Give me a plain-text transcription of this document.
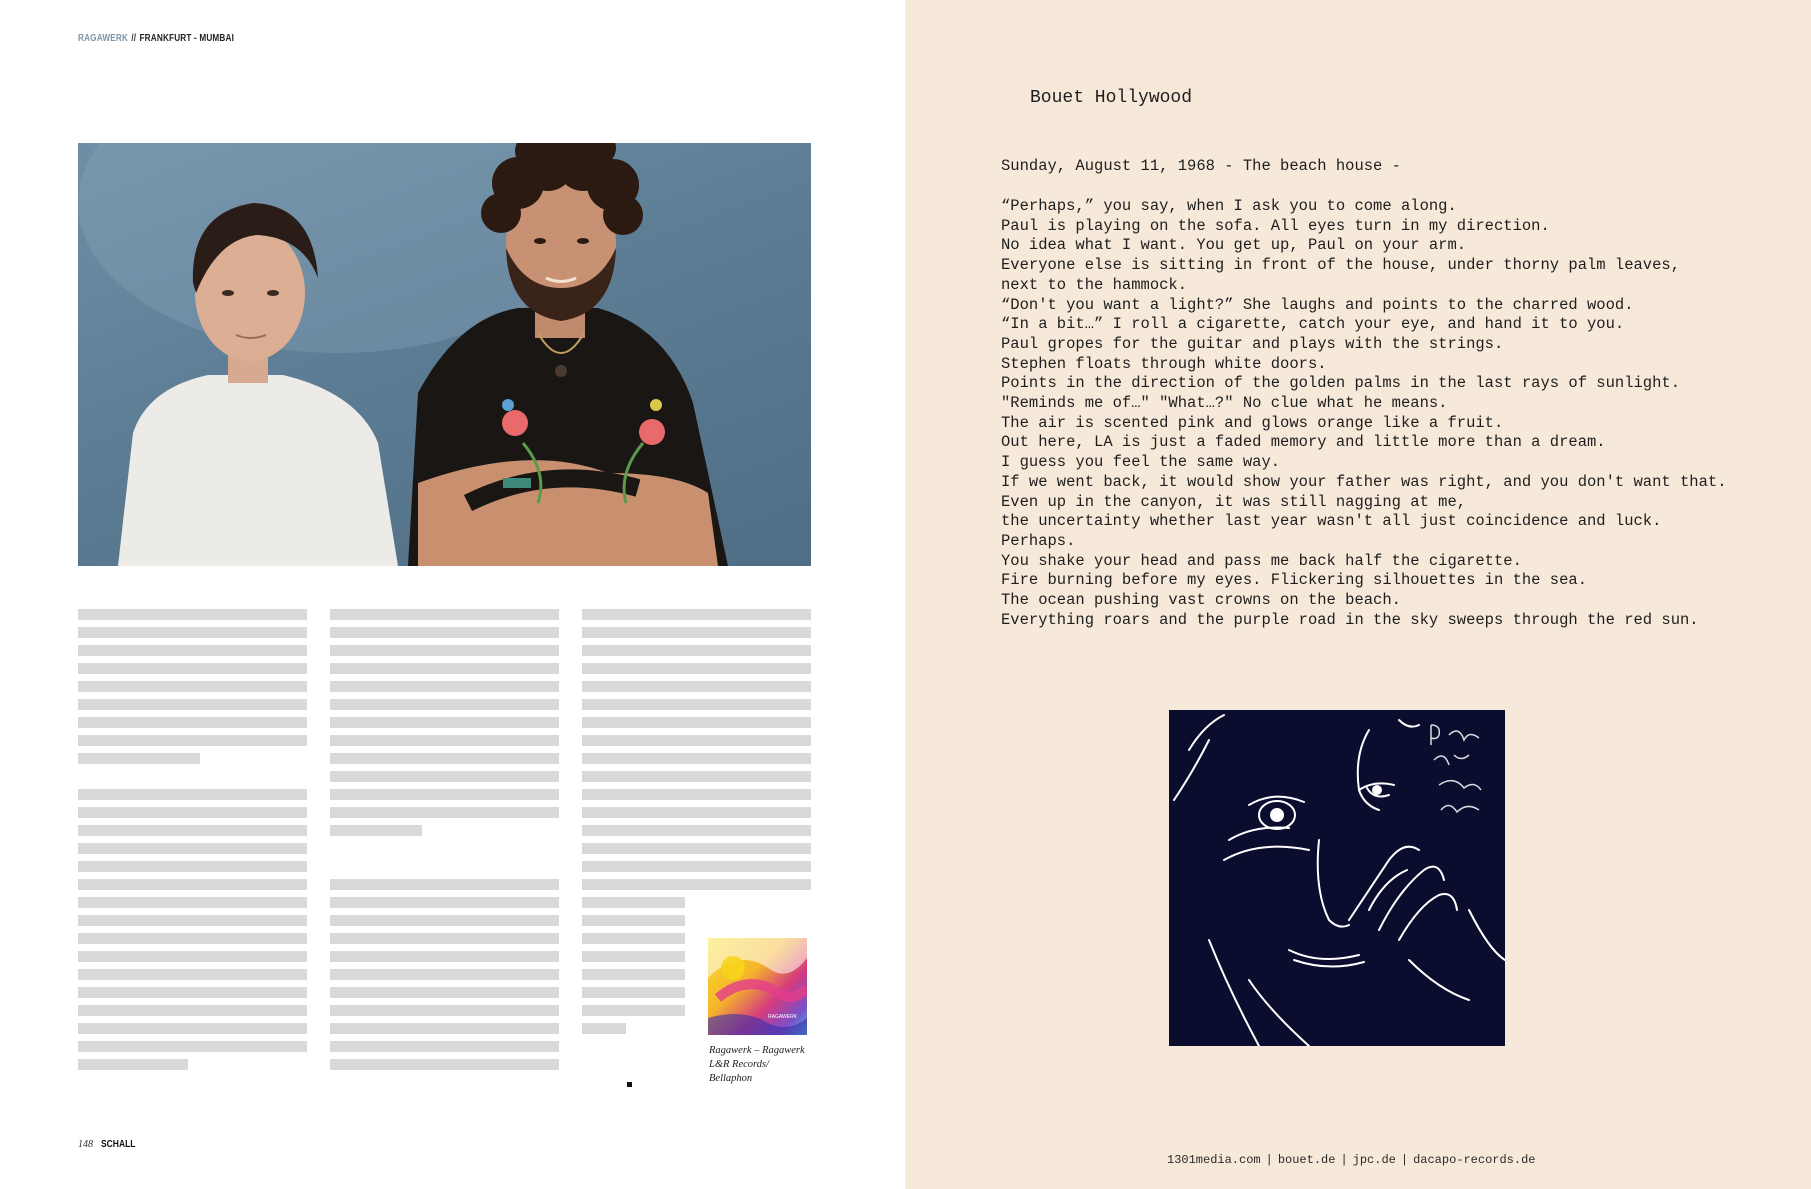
RAGAWERK // FRANKFURT - MUMBAI
RAGAWERK
Ragawerk – Ragawerk
L&R Records/
Bellaphon
148 SCHALL
Bouet Hollywood
Sunday, August 11, 1968 - The beach house -
“Perhaps,” you say, when I ask you to come along.
Paul is playing on the sofa. All eyes turn in my direction.
No idea what I want. You get up, Paul on your arm.
Everyone else is sitting in front of the house, under thorny palm leaves,
next to the hammock.
“Don't you want a light?” She laughs and points to the charred wood.
“In a bit…” I roll a cigarette, catch your eye, and hand it to you.
Paul gropes for the guitar and plays with the strings.
Stephen floats through white doors.
Points in the direction of the golden palms in the last rays of sunlight.
"Reminds me of…" "What…?" No clue what he means.
The air is scented pink and glows orange like a fruit.
Out here, LA is just a faded memory and little more than a dream.
I guess you feel the same way.
If we went back, it would show your father was right, and you don't want that.
Even up in the canyon, it was still nagging at me,
the uncertainty whether last year wasn't all just coincidence and luck.
Perhaps.
You shake your head and pass me back half the cigarette.
Fire burning before my eyes. Flickering silhouettes in the sea.
The ocean pushing vast crowns on the beach.
Everything roars and the purple road in the sky sweeps through the red sun.
1301media.com | bouet.de | jpc.de | dacapo-records.de
